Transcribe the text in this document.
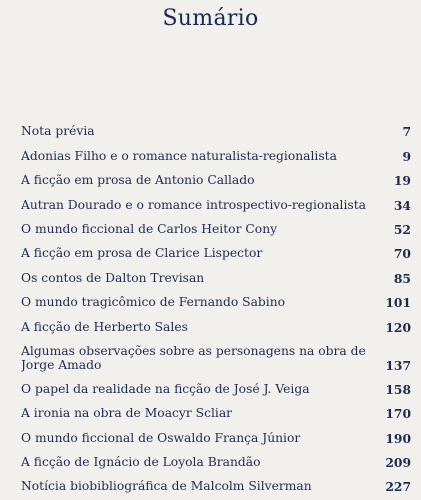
Sumário
Nota prévia	7
Adonias Filho e o romance naturalista-regionalista	9
A ficção em prosa de Antonio Callado	19
Autran Dourado e o romance introspectivo-regionalista	34
O mundo ficcional de Carlos Heitor Cony	52
A ficção em prosa de Clarice Lispector	70
Os contos de Dalton Trevisan	85
O mundo tragicômico de Fernando Sabino	101
A ficção de Herberto Sales	120
Algumas observações sobre as personagens na obra de Jorge Amado	137
O papel da realidade na ficção de José J. Veiga	158
A ironia na obra de Moacyr Scliar	170
O mundo ficcional de Oswaldo França Júnior	190
A ficção de Ignácio de Loyola Brandão	209
Notícia biobibliográfica de Malcolm Silverman	227
